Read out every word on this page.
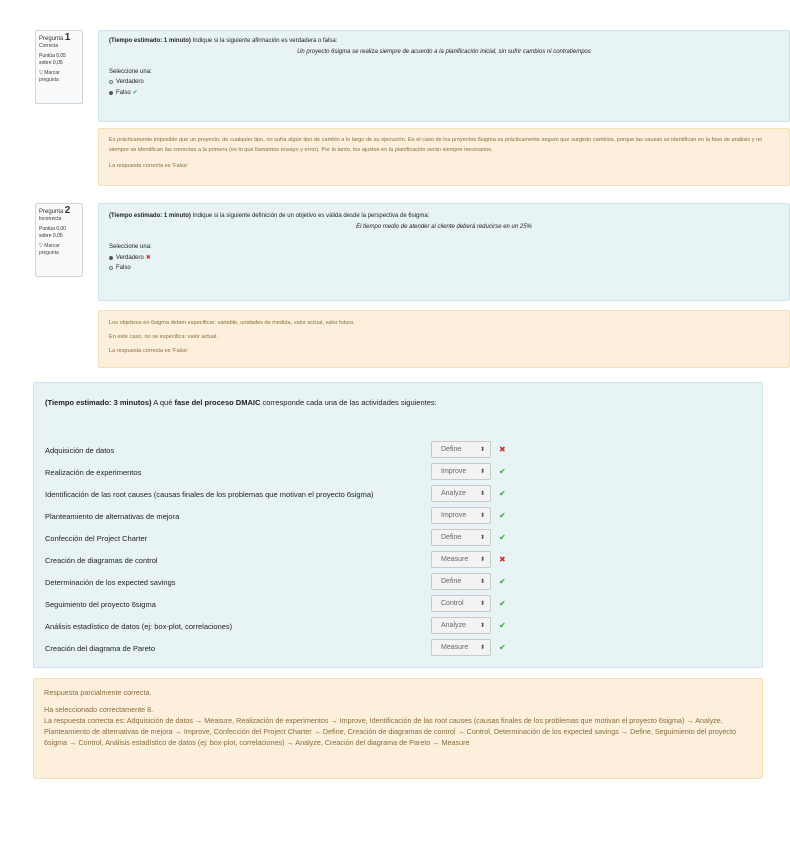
Pregunta 1
Correcta
Puntúa 0,05 sobre 0,05
▽ Marcar pregunta
(Tiempo estimado: 1 minuto) Indique si la siguiente afirmación es verdadera o falsa:
Un proyecto 6sigma se realiza siempre de acuerdo a la planificación inicial, sin sufrir cambios ni contratiempos
Seleccione una:
Verdadero
Falso ✔
Es prácticamente imposible que un proyecto, de cualquier tipo, no sufra algún tipo de cambio a lo largo de su ejecución. En el caso de los proyectos 6sigma es prácticamente seguro que surgirán cambios, porque las causas se identifican en la fase de análisis y no siempre se identifican las correctas a la primera (es lo que llamamos ensayo y error). Por lo tanto, los ajustes en la planificación serán siempre necesarios.
La respuesta correcta es 'Falso'
Pregunta 2
Incorrecta
Puntúa 0,00 sobre 0,05
▽ Marcar pregunta
(Tiempo estimado: 1 minuto) Indique si la siguiente definición de un objetivo es válida desde la perspectiva de 6sigma:
El tiempo medio de atender al cliente deberá reducirse en un 25%
Seleccione una:
Verdadero ✖
Falso
Los objetivos en 6sigma deben especificar: variable, unidades de medida, valor actual, valor futuro.
En este caso, no se especifica: valor actual.
La respuesta correcta es 'Falso'
(Tiempo estimado: 3 minutos) A qué fase del proceso DMAIC corresponde cada una de las actividades siguientes:
Adquisición de datos	Define	⬍ ✖
Realización de experimentos	Improve ⬍ ✔
Identificación de las root causes (causas finales de los problemas que motivan el proyecto 6sigma)	Analyze ⬍ ✔
Planteamiento de alternativas de mejora	Improve ⬍ ✔
Confección del Project Charter	Define	⬍ ✔
Creación de diagramas de control	Measure ⬍ ✖
Determinación de los expected savings	Define	⬍ ✔
Seguimiento del proyecto 6sigma	Control	⬍ ✔
Análisis estadístico de datos (ej: box-plot, correlaciones)	Analyze ⬍ ✔
Creación del diagrama de Pareto	Measure ⬍ ✔
Respuesta parcialmente correcta.
Ha seleccionado correctamente 8.
La respuesta correcta es: Adquisición de datos → Measure, Realización de experimentos → Improve, Identificación de las root causes (causas finales de los problemas que motivan el proyecto 6sigma) → Analyze, Planteamiento de alternativas de mejora → Improve, Confección del Project Charter → Define, Creación de diagramas de control → Control, Determinación de los expected savings → Define, Seguimiento del proyecto 6sigma → Control, Análisis estadístico de datos (ej: box-plot, correlaciones) → Analyze, Creación del diagrama de Pareto → Measure
